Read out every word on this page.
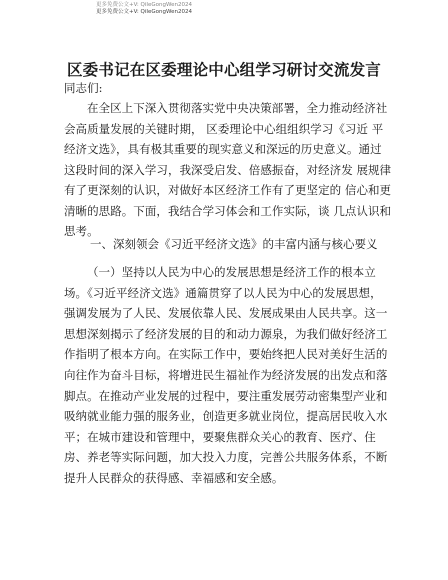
更多免费公文+V: QiIeGongWen2024
更多免费公文+V: QiIeGongWen2024
区委书记在区委理论中心组学习研讨交流发言
同志们:

在全区上下深入贯彻落实党中央决策部署，全力推动经济社会高质量发展的关键时期， 区委理论中心组组织学习《习近 平经济文选》，具有极其重要的现实意义和深远的历史意义。通过这段时间的深入学习，我深受启发、倍感振奋，对经济发 展规律有了更深刻的认识，对做好本区经济工作有了更坚定的 信心和更清晰的思路。下面，我结合学习体会和工作实际，谈 几点认识和思考。

一、深刻领会《习近平经济文选》的丰富内涵与核心要义

（一）坚持以人民为中心的发展思想是经济工作的根本立场。《习近平经济文选》通篇贯穿了以人民为中心的发展思想，强调发展为了人民、发展依靠人民、发展成果由人民共享。这一思想深刻揭示了经济发展的目的和动力源泉，为我们做好经济工作指明了根本方向。在实际工作中，要始终把人民对美好生活的向往作为奋斗目标，将增进民生福祉作为经济发展的出发点和落脚点。在推动产业发展的过程中，要注重发展劳动密集型产业和吸纳就业能力强的服务业，创造更多就业岗位，提高居民收入水平；在城市建设和管理中，要聚焦群众关心的教育、医疗、住房、养老等实际问题，加大投入力度，完善公共服务体系，不断提升人民群众的获得感、幸福感和安全感。
